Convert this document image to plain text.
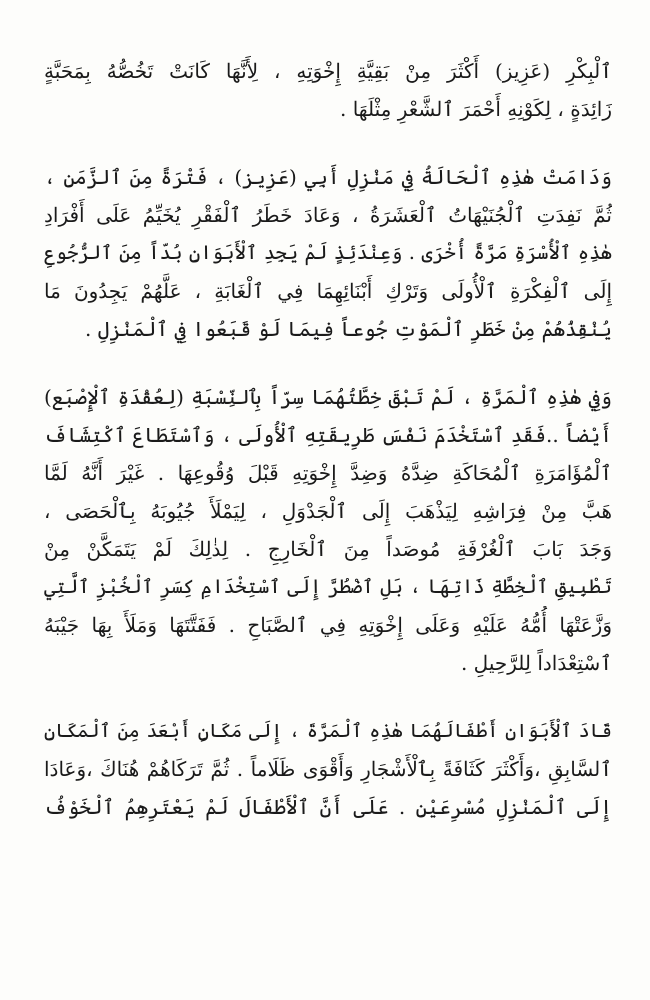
ٱلْبِكْرِ (عَزِيز) أَكْثَرَ مِنْ بَقِيَّةِ إِخْوَتِهِ ، لِأَنَّهَا كَانَتْ تَخُصُّهُ بِمَحَبَّةٍ
زَائِدَةٍ ، لِكَوْنِهِ أَحْمَرَ ٱلشَّعْرِ مِثْلَهَا .
وَدَامَتْ هٰذِهِ ٱلْحَالَةُ فِي مَنْزِلِ أَبِي (عَزِيز) ، فَتْرَةً مِنَ ٱلزَّمَنِ ،
ثُمَّ نَفِدَتِ ٱلْجُنَيْهَاتُ ٱلْعَشَرَةُ ، وَعَادَ خَطَرُ ٱلْفَقْرِ يُخَيِّمُ عَلَى أَفْرَادِ
هٰذِهِ ٱلْأُسْرَةِ مَرَّةً أُخْرَى . وَعِنْدَئِذٍ لَمْ يَجِدِ ٱلْأَبَوَانِ بُدّاً مِنَ ٱلرُّجُوعِ
إِلَى ٱلْفِكْرَةِ ٱلْأُولَى وَتَرْكِ أَبْنَائِهِمَا فِي ٱلْغَابَةِ ، عَلَّهُمْ يَجِدُونَ مَا
يُنْقِذُهُمْ مِنْ خَطَرِ ٱلْمَوْتِ جُوعاً فِيمَا لَوْ قَبَعُوا فِي ٱلْمَنْزِلِ .
وَفِي هٰذِهِ ٱلْمَرَّةِ ، لَمْ تَبْقَ خِطَّتُهُمَا سِرّاً بِٱلنِّسْبَةِ (لِعُقْدَةِ ٱلْإِصْبَع)
أَيْضاً ..فَقَدِ ٱسْتَخْدَمَ نَفْسَ طَرِيقَتِهِ ٱلْأُولَى ، وَٱسْتَطَاعَ ٱكْتِشَافَ
ٱلْمُؤَامَرَةِ ٱلْمُحَاكَةِ ضِدَّهُ وَضِدَّ إِخْوَتِهِ قَبْلَ وُقُوعِهَا . غَيْرَ أَنَّهُ لَمَّا
هَبَّ مِنْ فِرَاشِهِ لِيَذْهَبَ إِلَى ٱلْجَدْوَلِ ، لِيَمْلَأَ جُيُوبَهُ بِٱلْحَصَى ،
وَجَدَ بَابَ ٱلْغُرْفَةِ مُوصَداً مِنَ ٱلْخَارِجِ . لِذٰلِكَ لَمْ يَتَمَكَّنْ مِنْ
تَطْبِيقِ ٱلْخِطَّةِ ذَاتِهَا ، بَلِ ٱضْطُرَّ إِلَى ٱسْتِخْدَامِ كِسَرِ ٱلْخُبْزِ ٱلَّتِي
وَزَّعَتْهَا أُمُّهُ عَلَيْهِ وَعَلَى إِخْوَتِهِ فِي ٱلصَّبَاحِ . فَفَتَّتَهَا وَمَلَأَ بِهَا جَيْبَهُ
ٱسْتِعْدَاداً لِلرَّحِيلِ .
قَادَ ٱلْأَبَوَانِ أَطْفَالَهُمَا هٰذِهِ ٱلْمَرَّةَ ، إِلَى مَكَانٍ أَبْعَدَ مِنَ ٱلْمَكَانِ
ٱلسَّابِقِ ،وَأَكْثَرَ كَثَافَةً بِٱلْأَشْجَارِ وَأَقْوَى ظَلَاماً . ثُمَّ تَرَكَاهُمْ هُنَاكَ ،وَعَادَا
إِلَى ٱلْمَنْزِلِ مُسْرِعَيْنِ . عَلَى أَنَّ ٱلْأَطْفَالَ لَمْ يَعْتَرِهِمُ ٱلْخَوْفُ
